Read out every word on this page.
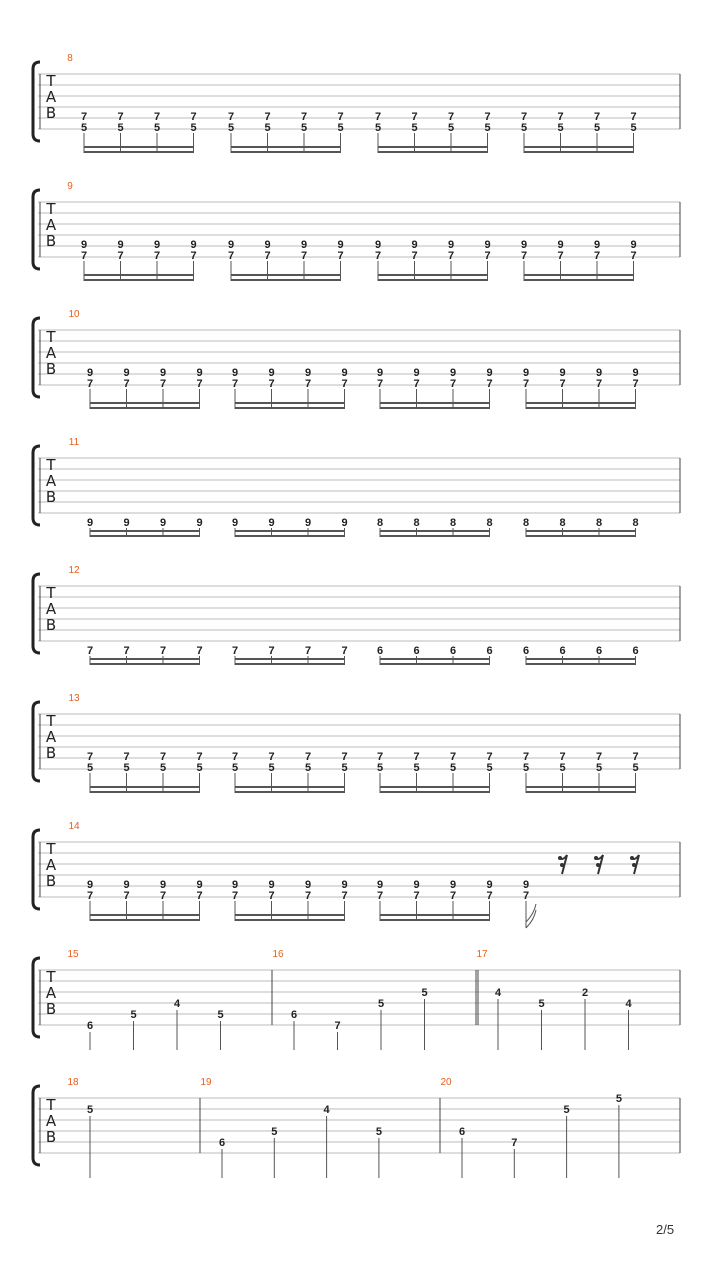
T
A
B
8
7
5
7
5
7
5
7
5
7
5
7
5
7
5
7
5
7
5
7
5
7
5
7
5
7
5
7
5
7
5
7
5
T
A
B
9
9
7
9
7
9
7
9
7
9
7
9
7
9
7
9
7
9
7
9
7
9
7
9
7
9
7
9
7
9
7
9
7
T
A
B
10
9
7
9
7
9
7
9
7
9
7
9
7
9
7
9
7
9
7
9
7
9
7
9
7
9
7
9
7
9
7
9
7
T
A
B
11
9	9	9	9	9	9	9	9	8	8	8	8	8	8	8	8
T
A
B
12
7	7	7	7	7	7	7	7	6	6	6	6	6	6	6	6
T
A
B
13
7
5
7
5
7
5
7
5
7
5
7
5
7
5
7
5
7
5
7
5
7
5
7
5
7
5
7
5
7
5
7
5
T
A
B
14
9
7
9
7
9
7
9
7
9
7
9
7
9
7
9
7
9
7
9
7
9
7
9
7
9
7
T
A
B
15	16	17
6
5
4
5	6
7
5
5	4
5
2
4
T
A
B
18	19	20
5
6
5
4
5	6
7
5
5
2/5
